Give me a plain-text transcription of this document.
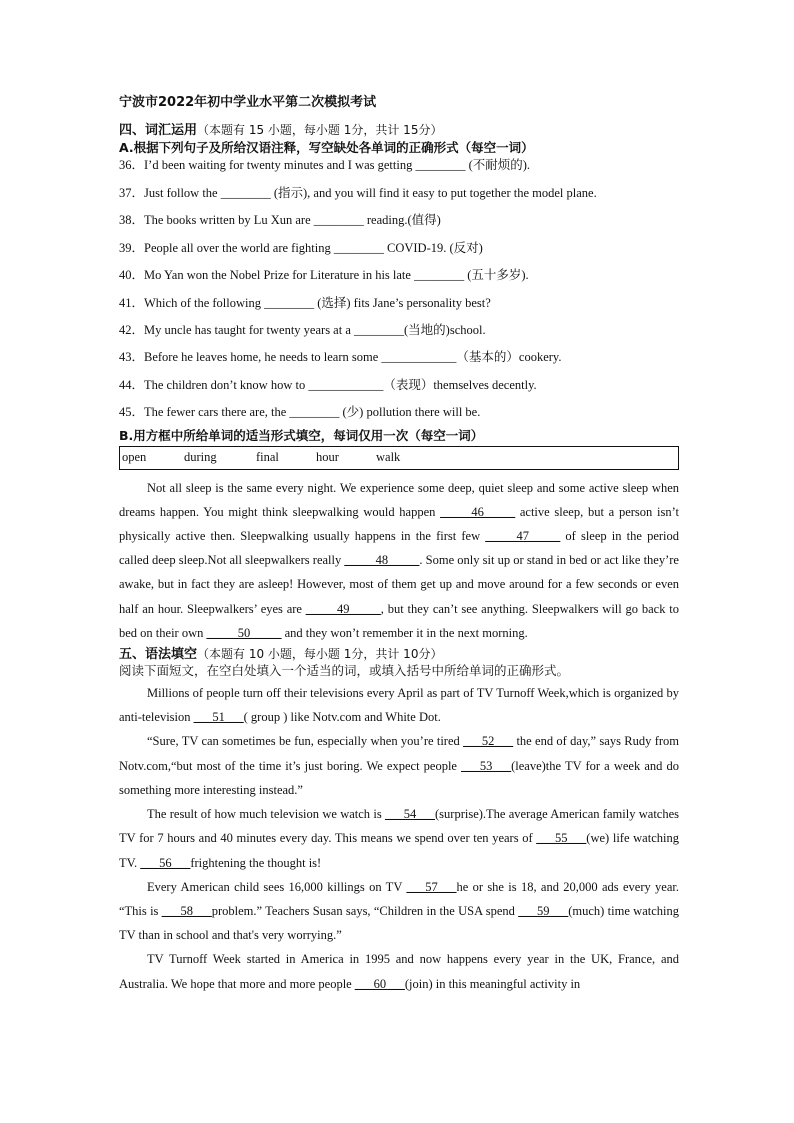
宁波市2022年初中学业水平第二次模拟考试
四、词汇运用（本题有 15 小题，每小题 1分，共计 15分）
A.根据下列句子及所给汉语注释，写空缺处各单词的正确形式（每空一词）
36．I’d been waiting for twenty minutes and I was getting ________ (不耐烦的).
37．Just follow the ________ (指示), and you will find it easy to put together the model plane.
38．The books written by Lu Xun are ________ reading.(值得)
39．People all over the world are fighting ________ COVID-19. (反对)
40．Mo Yan won the Nobel Prize for Literature in his late ________ (五十多岁).
41．Which of the following ________ (选择) fits Jane’s personality best?
42．My uncle has taught for twenty years at a ________(当地的)school.
43．Before he leaves home, he needs to learn some ____________（基本的）cookery.
44．The children don’t know how to ____________（表现）themselves decently.
45．The fewer cars there are, the ________ (少) pollution there will be.
B.用方框中所给单词的适当形式填空，每词仅用一次（每空一词）
open	during	final	hour	walk

Not all sleep is the same every night. We experience some deep, quiet sleep and some active sleep when dreams happen. You might think sleepwalking would happen _____46_____ active sleep, but a person isn’t physically active then. Sleepwalking usually happens in the first few _____47_____ of sleep in the period called deep sleep.Not all sleepwalkers really _____48_____. Some only sit up or stand in bed or act like they’re awake, but in fact they are asleep! However, most of them get up and move around for a few seconds or even half an hour. Sleepwalkers’ eyes are _____49_____, but they can’t see anything. Sleepwalkers will go back to bed on their own _____50_____ and they won’t remember it in the next morning.

五、语法填空（本题有 10 小题，每小题 1分，共计 10分）
阅读下面短文，在空白处填入一个适当的词，或填入括号中所给单词的正确形式。

Millions of people turn off their televisions every April as part of TV Turnoff Week,which is organized by anti-television ___51___( group ) like Notv.com and White Dot.

“Sure, TV can sometimes be fun, especially when you’re tired ___52___ the end of day,” says Rudy from Notv.com,“but most of the time it’s just boring. We expect people ___53___(leave)the TV for a week and do something more interesting instead.”

The result of how much television we watch is ___54___(surprise).The average American family watches TV for 7 hours and 40 minutes every day. This means we spend over ten years of ___55___(we) life watching TV. ___56___frightening the thought is!

Every American child sees 16,000 killings on TV ___57___he or she is 18, and 20,000 ads every year. “This is ___58___problem.” Teachers Susan says, “Children in the USA spend ___59___(much) time watching TV than in school and that's very worrying.”

TV Turnoff Week started in America in 1995 and now happens every year in the UK, France, and Australia. We hope that more and more people ___60___(join) in this meaningful activity in
